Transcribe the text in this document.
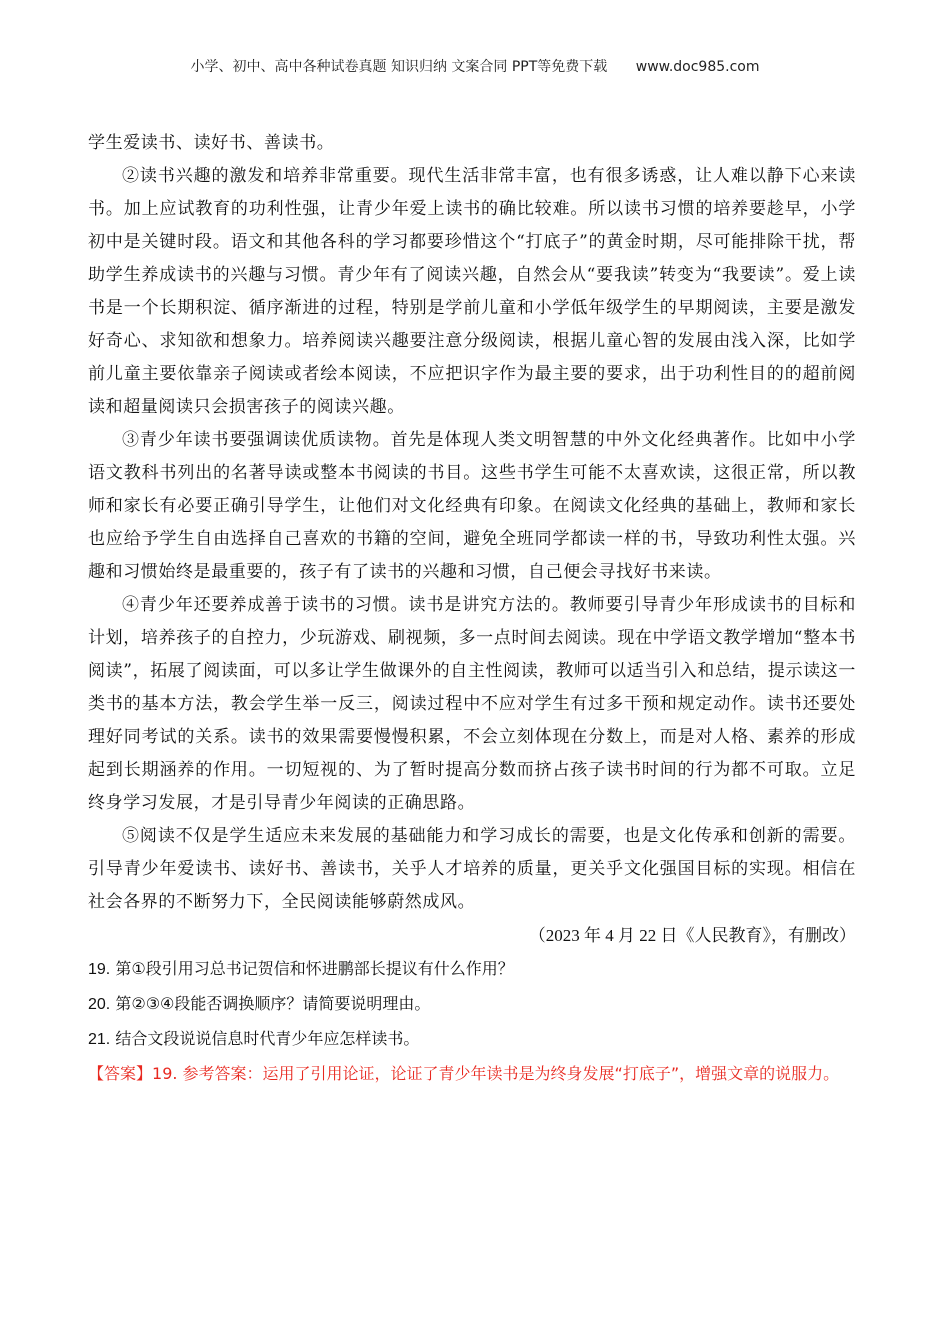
小学、初中、高中各种试卷真题 知识归纳 文案合同 PPT等免费下载 www.doc985.com

学生爱读书、读好书、善读书。

②读书兴趣的激发和培养非常重要。现代生活非常丰富，也有很多诱惑，让人难以静下心来读书。加上应试教育的功利性强，让青少年爱上读书的确比较难。所以读书习惯的培养要趁早，小学初中是关键时段。语文和其他各科的学习都要珍惜这个“打底子”的黄金时期，尽可能排除干扰，帮助学生养成读书的兴趣与习惯。青少年有了阅读兴趣，自然会从“要我读”转变为“我要读”。爱上读书是一个长期积淀、循序渐进的过程，特别是学前儿童和小学低年级学生的早期阅读，主要是激发好奇心、求知欲和想象力。培养阅读兴趣要注意分级阅读，根据儿童心智的发展由浅入深，比如学前儿童主要依靠亲子阅读或者绘本阅读，不应把识字作为最主要的要求，出于功利性目的的超前阅读和超量阅读只会损害孩子的阅读兴趣。

③青少年读书要强调读优质读物。首先是体现人类文明智慧的中外文化经典著作。比如中小学语文教科书列出的名著导读或整本书阅读的书目。这些书学生可能不太喜欢读，这很正常，所以教师和家长有必要正确引导学生，让他们对文化经典有印象。在阅读文化经典的基础上，教师和家长也应给予学生自由选择自己喜欢的书籍的空间，避免全班同学都读一样的书，导致功利性太强。兴趣和习惯始终是最重要的，孩子有了读书的兴趣和习惯，自己便会寻找好书来读。

④青少年还要养成善于读书的习惯。读书是讲究方法的。教师要引导青少年形成读书的目标和计划，培养孩子的自控力，少玩游戏、刷视频，多一点时间去阅读。现在中学语文教学增加“整本书阅读”，拓展了阅读面，可以多让学生做课外的自主性阅读，教师可以适当引入和总结，提示读这一类书的基本方法，教会学生举一反三，阅读过程中不应对学生有过多干预和规定动作。读书还要处理好同考试的关系。读书的效果需要慢慢积累，不会立刻体现在分数上，而是对人格、素养的形成起到长期涵养的作用。一切短视的、为了暂时提高分数而挤占孩子读书时间的行为都不可取。立足终身学习发展，才是引导青少年阅读的正确思路。

⑤阅读不仅是学生适应未来发展的基础能力和学习成长的需要，也是文化传承和创新的需要。引导青少年爱读书、读好书、善读书，关乎人才培养的质量，更关乎文化强国目标的实现。相信在社会各界的不断努力下，全民阅读能够蔚然成风。

（2023 年 4 月 22 日《人民教育》，有删改）

19. 第①段引用习总书记贺信和怀进鹏部长提议有什么作用？

20. 第②③④段能否调换顺序？请简要说明理由。

21. 结合文段说说信息时代青少年应怎样读书。

【答案】19. 参考答案：运用了引用论证，论证了青少年读书是为终身发展“打底子”，增强文章的说服力。
